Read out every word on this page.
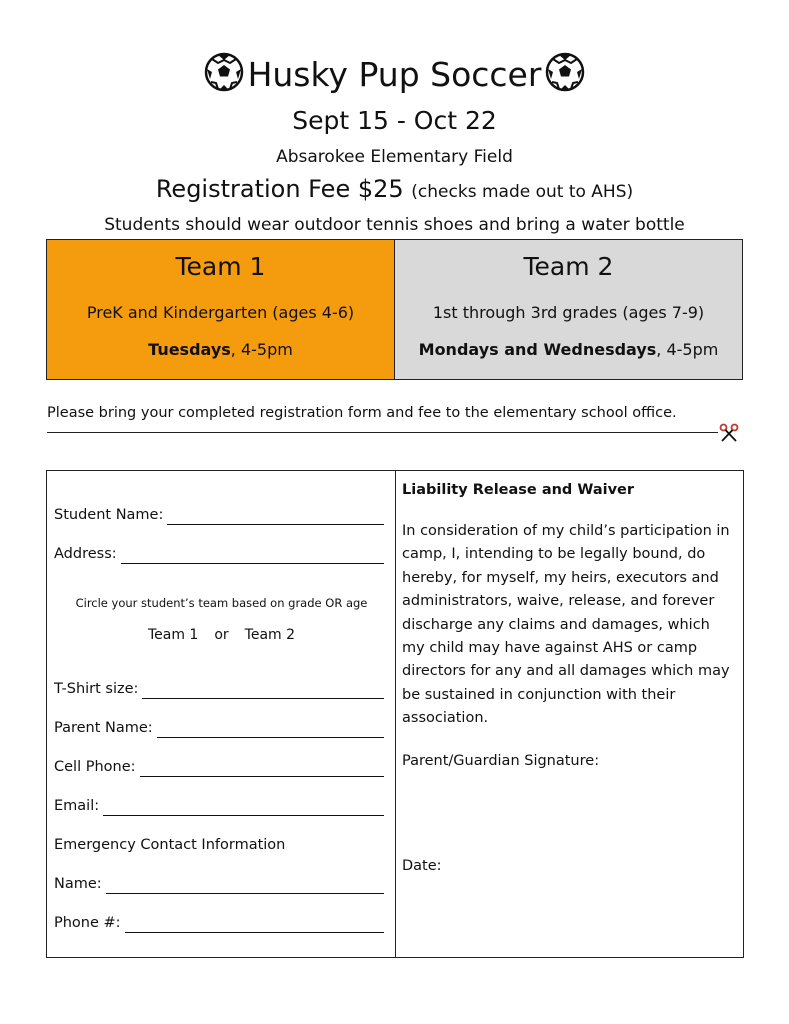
Husky Pup Soccer
Sept 15 - Oct 22
Absarokee Elementary Field
Registration Fee $25 (checks made out to AHS)
Students should wear outdoor tennis shoes and bring a water bottle
Team 1
PreK and Kindergarten (ages 4-6)
Tuesdays, 4-5pm
Team 2
1st through 3rd grades (ages 7-9)
Mondays and Wednesdays, 4-5pm
Please bring your completed registration form and fee to the elementary school office.
Student Name:
Address:
Circle your student’s team based on grade OR age
Team 1 or Team 2
T-Shirt size:
Parent Name:
Cell Phone:
Email:
Emergency Contact Information
Name:
Phone #:
Liability Release and Waiver
In consideration of my child’s participation in camp, I, intending to be legally bound, do hereby, for myself, my heirs, executors and administrators, waive, release, and forever discharge any claims and damages, which my child may have against AHS or camp directors for any and all damages which may be sustained in conjunction with their association.
Parent/Guardian Signature:
Date:
